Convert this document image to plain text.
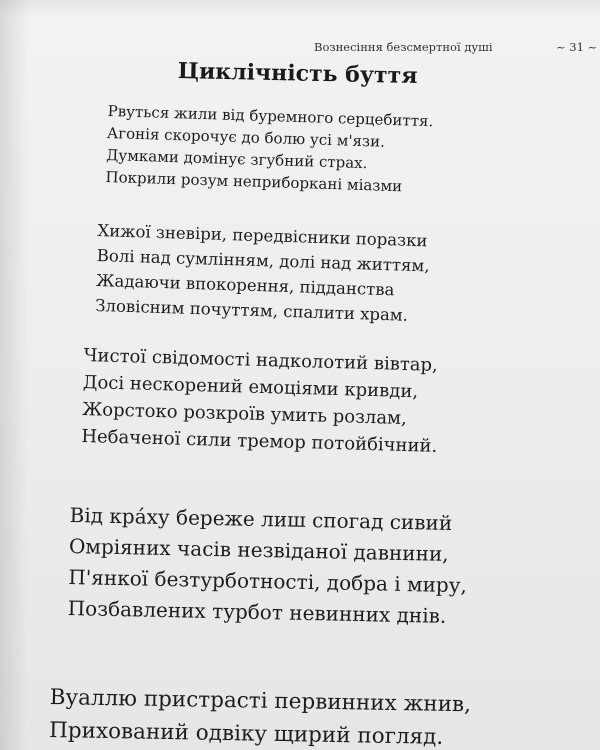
Вознесіння безсмертної душі	~ 31 ~
Циклічність буття
Рвуться жили від буремного серцебиття.
Агонія скорочує до болю усі м'язи.
Думками домінує згубний страх.
Покрили розум неприборкані міазми
Хижої зневіри, передвісники поразки
Волі над сумлінням, долі над життям,
Жадаючи впокорення, підданства
Зловісним почуттям, спалити храм.
Чистої свідомості надколотий вівтар,
Досі нескорений емоціями кривди,
Жорстоко розкроїв умить розлам,
Небаченої сили тремор потойбічний.
Від кра́ху береже лиш спогад сивий
Омріяних часів незвіданої давнини,
П'янкої безтурботності, добра і миру,
Позбавлених турбот невинних днів.
Вуаллю пристрасті первинних жнив,
Прихований одвіку щирий погляд.
